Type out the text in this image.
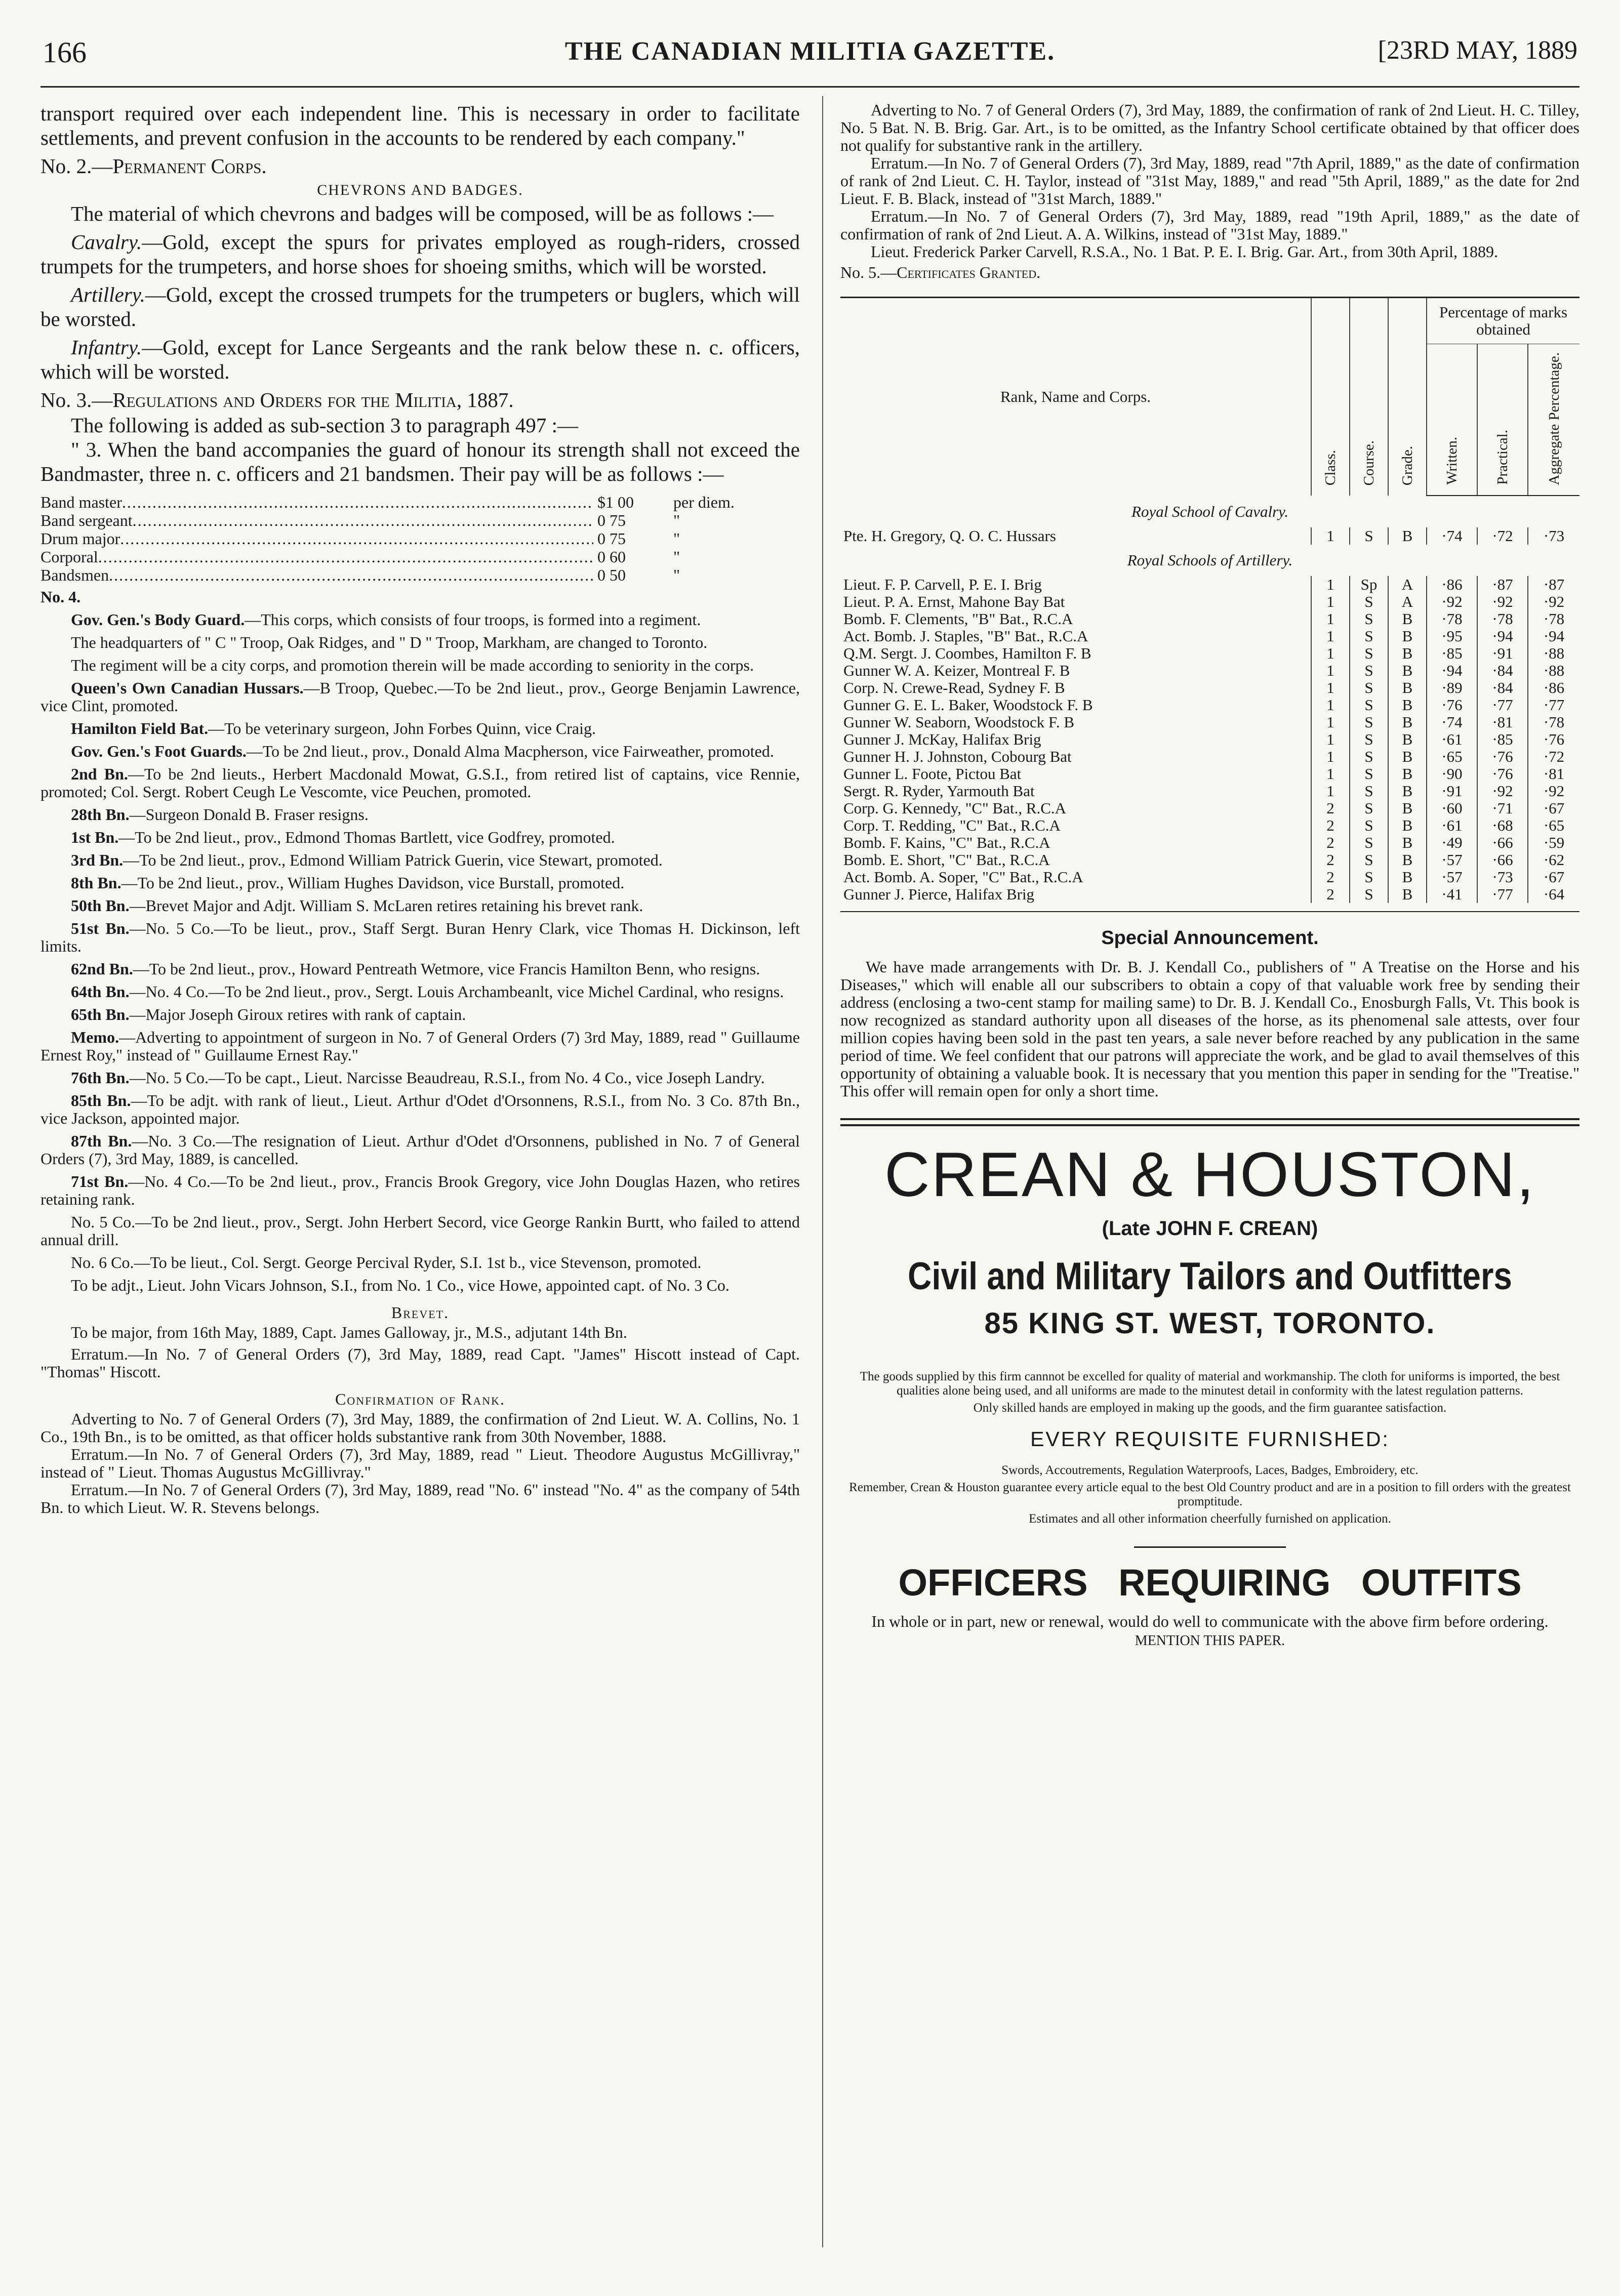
166	THE CANADIAN MILITIA GAZETTE.	[23RD MAY, 1889

transport required over each independent line. This is necessary in order to facilitate settlements, and prevent confusion in the accounts to be rendered by each company."

No. 2.—Permanent Corps.
CHEVRONS AND BADGES.

The material of which chevrons and badges will be composed, will be as follows :—

Cavalry.—Gold, except the spurs for privates employed as rough-riders, crossed trumpets for the trumpeters, and horse shoes for shoeing smiths, which will be worsted.

Artillery.—Gold, except the crossed trumpets for the trumpeters or buglers, which will be worsted.

Infantry.—Gold, except for Lance Sergeants and the rank below these n. c. officers, which will be worsted.

No. 3.—Regulations and Orders for the Militia, 1887.

The following is added as sub-section 3 to paragraph 497 :—

" 3. When the band accompanies the guard of honour its strength shall not exceed the Bandmaster, three n. c. officers and 21 bandsmen. Their pay will be as follows :—

Band master .....	$1 00	per diem.
Band sergeant .....	0 75	"
Drum major .....	0 75	"
Corporal .....	0 60	"
Bandsmen .....	0 50	"
No. 4.

Gov. Gen.'s Body Guard.—This corps, which consists of four troops, is formed into a regiment.

The headquarters of " C " Troop, Oak Ridges, and " D " Troop, Markham, are changed to Toronto.

The regiment will be a city corps, and promotion therein will be made according to seniority in the corps.

Queen's Own Canadian Hussars.—B Troop, Quebec.—To be 2nd lieut., prov., George Benjamin Lawrence, vice Clint, promoted.

Hamilton Field Bat.—To be veterinary surgeon, John Forbes Quinn, vice Craig.

Gov. Gen.'s Foot Guards.—To be 2nd lieut., prov., Donald Alma Macpherson, vice Fairweather, promoted.

2nd Bn.—To be 2nd lieuts., Herbert Macdonald Mowat, G.S.I., from retired list of captains, vice Rennie, promoted; Col. Sergt. Robert Ceugh Le Vescomte, vice Peuchen, promoted.

28th Bn.—Surgeon Donald B. Fraser resigns.

1st Bn.—To be 2nd lieut., prov., Edmond Thomas Bartlett, vice Godfrey, promoted.

3rd Bn.—To be 2nd lieut., prov., Edmond William Patrick Guerin, vice Stewart, promoted.

8th Bn.—To be 2nd lieut., prov., William Hughes Davidson, vice Burstall, promoted.

50th Bn.—Brevet Major and Adjt. William S. McLaren retires retaining his brevet rank.

51st Bn.—No. 5 Co.—To be lieut., prov., Staff Sergt. Buran Henry Clark, vice Thomas H. Dickinson, left limits.

62nd Bn.—To be 2nd lieut., prov., Howard Pentreath Wetmore, vice Francis Hamilton Benn, who resigns.

64th Bn.—No. 4 Co.—To be 2nd lieut., prov., Sergt. Louis Archambeanlt, vice Michel Cardinal, who resigns.

65th Bn.—Major Joseph Giroux retires with rank of captain.

Memo.—Adverting to appointment of surgeon in No. 7 of General Orders (7) 3rd May, 1889, read " Guillaume Ernest Roy," instead of " Guillaume Ernest Ray."

76th Bn.—No. 5 Co.—To be capt., Lieut. Narcisse Beaudreau, R.S.I., from No. 4 Co., vice Joseph Landry.

85th Bn.—To be adjt. with rank of lieut., Lieut. Arthur d'Odet d'Orsonnens, R.S.I., from No. 3 Co. 87th Bn., vice Jackson, appointed major.

87th Bn.—No. 3 Co.—The resignation of Lieut. Arthur d'Odet d'Orsonnens, published in No. 7 of General Orders (7), 3rd May, 1889, is cancelled.

71st Bn.—No. 4 Co.—To be 2nd lieut., prov., Francis Brook Gregory, vice John Douglas Hazen, who retires retaining rank.

No. 5 Co.—To be 2nd lieut., prov., Sergt. John Herbert Secord, vice George Rankin Burtt, who failed to attend annual drill.

No. 6 Co.—To be lieut., Col. Sergt. George Percival Ryder, S.I. 1st b., vice Stevenson, promoted.

To be adjt., Lieut. John Vicars Johnson, S.I., from No. 1 Co., vice Howe, appointed capt. of No. 3 Co.

Brevet.

To be major, from 16th May, 1889, Capt. James Galloway, jr., M.S., adjutant 14th Bn.

Erratum.—In No. 7 of General Orders (7), 3rd May, 1889, read Capt. "James" Hiscott instead of Capt. "Thomas" Hiscott.

Confirmation of Rank.

Adverting to No. 7 of General Orders (7), 3rd May, 1889, the confirmation of 2nd Lieut. W. A. Collins, No. 1 Co., 19th Bn., is to be omitted, as that officer holds substantive rank from 30th November, 1888.

Erratum.—In No. 7 of General Orders (7), 3rd May, 1889, read " Lieut. Theodore Augustus McGillivray," instead of " Lieut. Thomas Augustus McGillivray."

Erratum.—In No. 7 of General Orders (7), 3rd May, 1889, read "No. 6" instead "No. 4" as the company of 54th Bn. to which Lieut. W. R. Stevens belongs.

Adverting to No. 7 of General Orders (7), 3rd May, 1889, the confirmation of rank of 2nd Lieut. H. C. Tilley, No. 5 Bat. N. B. Brig. Gar. Art., is to be omitted, as the Infantry School certificate obtained by that officer does not qualify for substantive rank in the artillery.

Erratum.—In No. 7 of General Orders (7), 3rd May, 1889, read "7th April, 1889," as the date of confirmation of rank of 2nd Lieut. C. H. Taylor, instead of "31st May, 1889," and read "5th April, 1889," as the date for 2nd Lieut. F. B. Black, instead of "31st March, 1889."

Erratum.—In No. 7 of General Orders (7), 3rd May, 1889, read "19th April, 1889," as the date of confirmation of rank of 2nd Lieut. A. A. Wilkins, instead of "31st May, 1889."

Lieut. Frederick Parker Carvell, R.S.A., No. 1 Bat. P. E. I. Brig. Gar. Art., from 30th April, 1889.

No. 5.—Certificates Granted.
Rank, Name and Corps.	Class.	Course.	Grade.	Percentage of marks obtained		

				Written.	Practical.	Aggregate Percentage.

Royal School of Cavalry.						
Pte. H. Gregory, Q. O. C. Hussars	1	S	B	·74	·72	·73
Royal Schools of Artillery.						
Lieut. F. P. Carvell, P. E. I. Brig	1	Sp	A	·86	·87	·87
Lieut. P. A. Ernst, Mahone Bay Bat	1	S	A	·92	·92	·92
Bomb. F. Clements, "B" Bat., R.C.A	1	S	B	·78	·78	·78
Act. Bomb. J. Staples, "B" Bat., R.C.A	1	S	B	·95	·94	·94
Q.M. Sergt. J. Coombes, Hamilton F. B	1	S	B	·85	·91	·88
Gunner W. A. Keizer, Montreal F. B	1	S	B	·94	·84	·88
Corp. N. Crewe-Read, Sydney F. B	1	S	B	·89	·84	·86
Gunner G. E. L. Baker, Woodstock F. B	1	S	B	·76	·77	·77
Gunner W. Seaborn, Woodstock F. B	1	S	B	·74	·81	·78
Gunner J. McKay, Halifax Brig	1	S	B	·61	·85	·76
Gunner H. J. Johnston, Cobourg Bat	1	S	B	·65	·76	·72
Gunner L. Foote, Pictou Bat	1	S	B	·90	·76	·81
Sergt. R. Ryder, Yarmouth Bat	1	S	B	·91	·92	·92
Corp. G. Kennedy, "C" Bat., R.C.A	2	S	B	·60	·71	·67
Corp. T. Redding, "C" Bat., R.C.A	2	S	B	·61	·68	·65
Bomb. F. Kains, "C" Bat., R.C.A	2	S	B	·49	·66	·59
Bomb. E. Short, "C" Bat., R.C.A	2	S	B	·57	·66	·62
Act. Bomb. A. Soper, "C" Bat., R.C.A	2	S	B	·57	·73	·67
Gunner J. Pierce, Halifax Brig	2	S	B	·41	·77	·64

Special Announcement.

We have made arrangements with Dr. B. J. Kendall Co., publishers of " A Treatise on the Horse and his Diseases," which will enable all our subscribers to obtain a copy of that valuable work free by sending their address (enclosing a two-cent stamp for mailing same) to Dr. B. J. Kendall Co., Enosburgh Falls, Vt. This book is now recognized as standard authority upon all diseases of the horse, as its phenomenal sale attests, over four million copies having been sold in the past ten years, a sale never before reached by any publication in the same period of time. We feel confident that our patrons will appreciate the work, and be glad to avail themselves of this opportunity of obtaining a valuable book. It is necessary that you mention this paper in sending for the "Treatise." This offer will remain open for only a short time.

CREAN & HOUSTON,
(Late JOHN F. CREAN)
Civil and Military Tailors and Outfitters
85 KING ST. WEST, TORONTO.

The goods supplied by this firm cannnot be excelled for quality of material and workmanship. The cloth for uniforms is imported, the best qualities alone being used, and all uniforms are made to the minutest detail in conformity with the latest regulation patterns.

Only skilled hands are employed in making up the goods, and the firm guarantee satisfaction.

EVERY REQUISITE FURNISHED:

Swords, Accoutrements, Regulation Waterproofs, Laces, Badges, Embroidery, etc.

Remember, Crean & Houston guarantee every article equal to the best Old Country product and are in a position to fill orders with the greatest promptitude.

Estimates and all other information cheerfully furnished on application.

OFFICERS REQUIRING OUTFITS

In whole or in part, new or renewal, would do well to communicate with the above firm before ordering. MENTION THIS PAPER.
